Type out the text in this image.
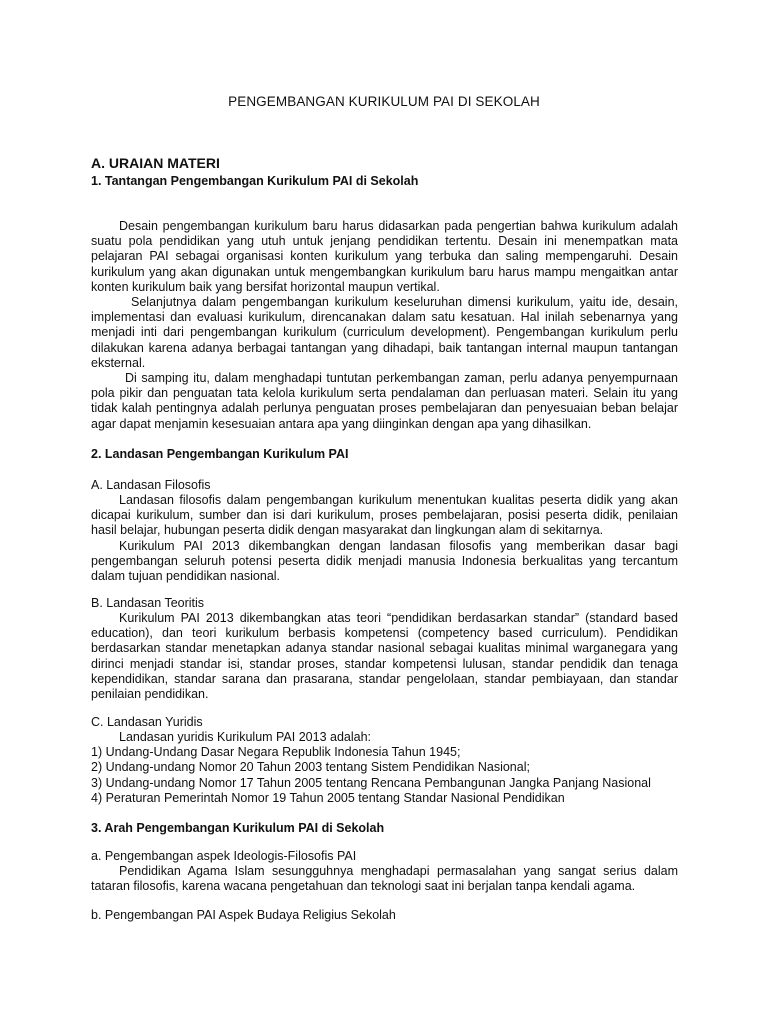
PENGEMBANGAN KURIKULUM PAI DI SEKOLAH
A. URAIAN MATERI
1. Tantangan Pengembangan Kurikulum PAI di Sekolah

Desain pengembangan kurikulum baru harus didasarkan pada pengertian bahwa kurikulum adalah suatu pola pendidikan yang utuh untuk jenjang pendidikan tertentu. Desain ini menempatkan mata pelajaran PAI sebagai organisasi konten kurikulum yang terbuka dan saling mempengaruhi. Desain kurikulum yang akan digunakan untuk mengembangkan kurikulum baru harus mampu mengaitkan antar konten kurikulum baik yang bersifat horizontal maupun vertikal.

Selanjutnya dalam pengembangan kurikulum keseluruhan dimensi kurikulum, yaitu ide, desain, implementasi dan evaluasi kurikulum, direncanakan dalam satu kesatuan. Hal inilah sebenarnya yang menjadi inti dari pengembangan kurikulum (curriculum development). Pengembangan kurikulum perlu dilakukan karena adanya berbagai tantangan yang dihadapi, baik tantangan internal maupun tantangan eksternal.

Di samping itu, dalam menghadapi tuntutan perkembangan zaman, perlu adanya penyempurnaan pola pikir dan penguatan tata kelola kurikulum serta pendalaman dan perluasan materi. Selain itu yang tidak kalah pentingnya adalah perlunya penguatan proses pembelajaran dan penyesuaian beban belajar agar dapat menjamin kesesuaian antara apa yang diinginkan dengan apa yang dihasilkan.

2. Landasan Pengembangan Kurikulum PAI
A. Landasan Filosofis

Landasan filosofis dalam pengembangan kurikulum menentukan kualitas peserta didik yang akan dicapai kurikulum, sumber dan isi dari kurikulum, proses pembelajaran, posisi peserta didik, penilaian hasil belajar, hubungan peserta didik dengan masyarakat dan lingkungan alam di sekitarnya.

Kurikulum PAI 2013 dikembangkan dengan landasan filosofis yang memberikan dasar bagi pengembangan seluruh potensi peserta didik menjadi manusia Indonesia berkualitas yang tercantum dalam tujuan pendidikan nasional.

B. Landasan Teoritis

Kurikulum PAI 2013 dikembangkan atas teori “pendidikan berdasarkan standar” (standard based education), dan teori kurikulum berbasis kompetensi (competency based curriculum). Pendidikan berdasarkan standar menetapkan adanya standar nasional sebagai kualitas minimal warganegara yang dirinci menjadi standar isi, standar proses, standar kompetensi lulusan, standar pendidik dan tenaga kependidikan, standar sarana dan prasarana, standar pengelolaan, standar pembiayaan, dan standar penilaian pendidikan.

C. Landasan Yuridis
Landasan yuridis Kurikulum PAI 2013 adalah:
1) Undang-Undang Dasar Negara Republik Indonesia Tahun 1945;
2) Undang-undang Nomor 20 Tahun 2003 tentang Sistem Pendidikan Nasional;
3) Undang-undang Nomor 17 Tahun 2005 tentang Rencana Pembangunan Jangka Panjang Nasional
4) Peraturan Pemerintah Nomor 19 Tahun 2005 tentang Standar Nasional Pendidikan
3. Arah Pengembangan Kurikulum PAI di Sekolah
a. Pengembangan aspek Ideologis-Filosofis PAI

Pendidikan Agama Islam sesungguhnya menghadapi permasalahan yang sangat serius dalam tataran filosofis, karena wacana pengetahuan dan teknologi saat ini berjalan tanpa kendali agama.

b. Pengembangan PAI Aspek Budaya Religius Sekolah
